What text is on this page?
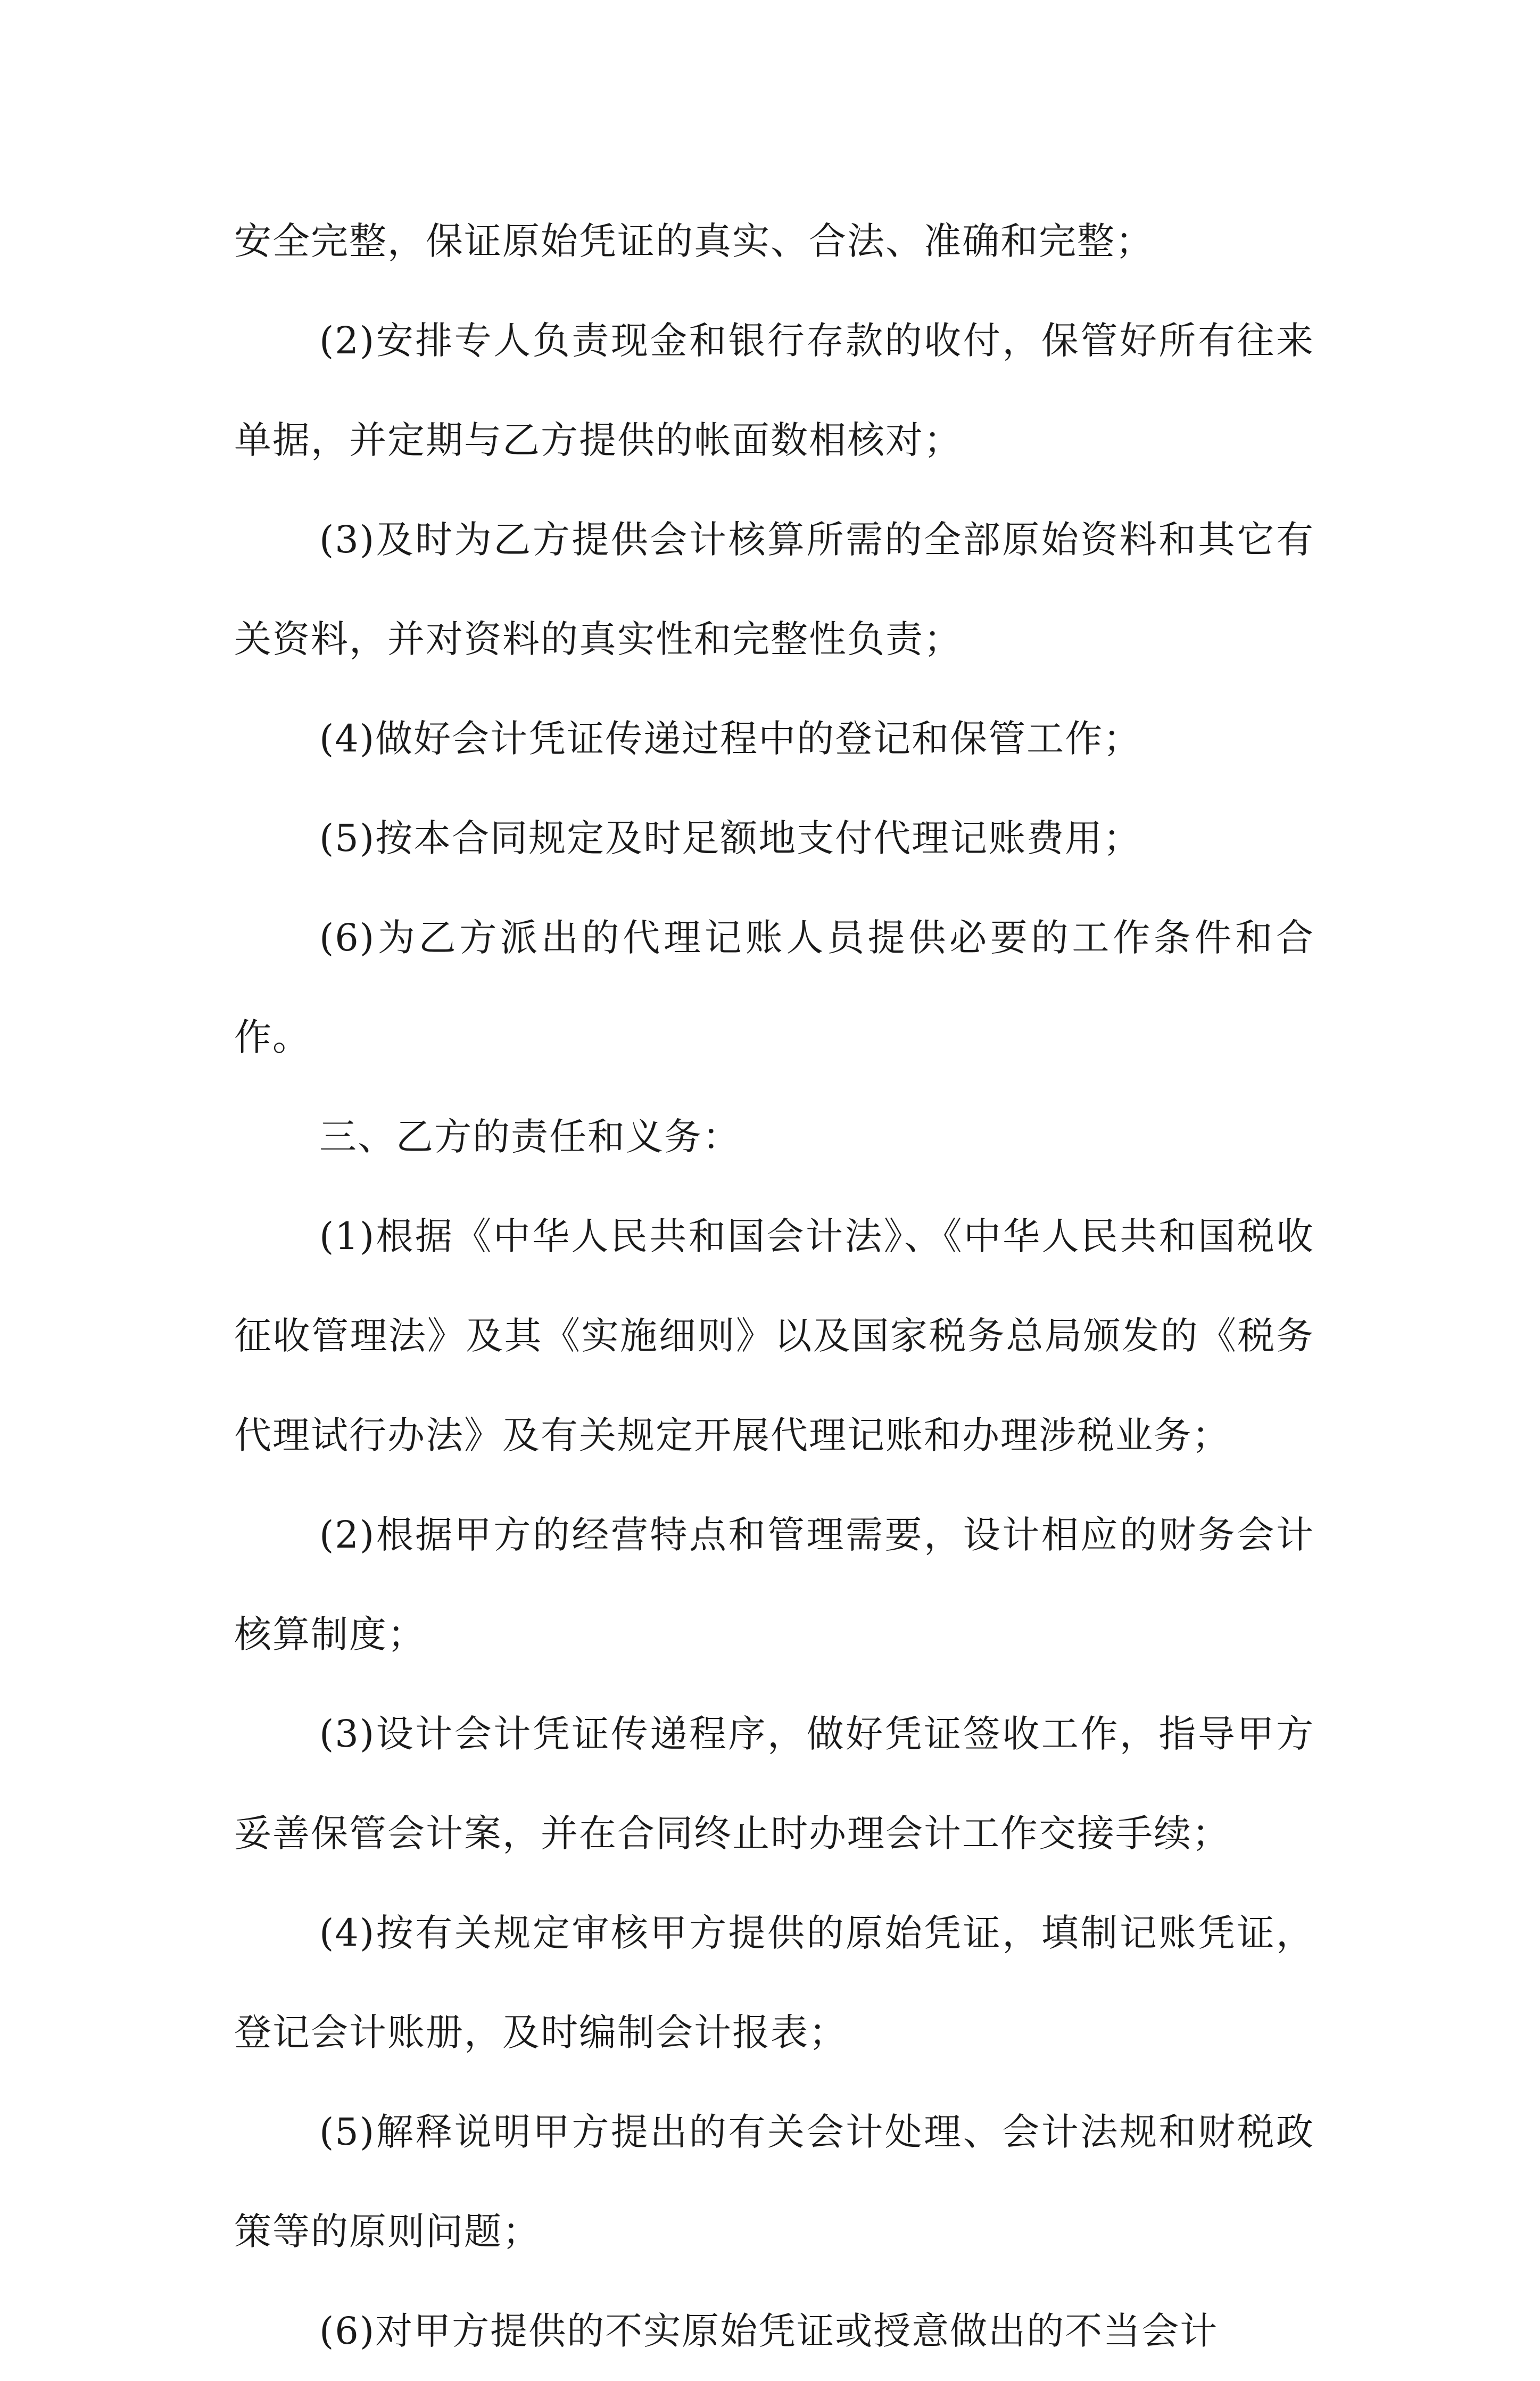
安全完整，保证原始凭证的真实、合法、准确和完整；

(2)安排专人负责现金和银行存款的收付，保管好所有往来单据，并定期与乙方提供的帐面数相核对；

(3)及时为乙方提供会计核算所需的全部原始资料和其它有关资料，并对资料的真实性和完整性负责；

(4)做好会计凭证传递过程中的登记和保管工作；

(5)按本合同规定及时足额地支付代理记账费用；

(6)为乙方派出的代理记账人员提供必要的工作条件和合作。

三、乙方的责任和义务：

(1)根据《中华人民共和国会计法》、《中华人民共和国税收征收管理法》及其《实施细则》以及国家税务总局颁发的《税务代理试行办法》及有关规定开展代理记账和办理涉税业务；

(2)根据甲方的经营特点和管理需要，设计相应的财务会计核算制度；

(3)设计会计凭证传递程序，做好凭证签收工作，指导甲方妥善保管会计案，并在合同终止时办理会计工作交接手续；

(4)按有关规定审核甲方提供的原始凭证，填制记账凭证，登记会计账册，及时编制会计报表；

(5)解释说明甲方提出的有关会计处理、会计法规和财税政策等的原则问题；

(6)对甲方提供的不实原始凭证或授意做出的不当会计
